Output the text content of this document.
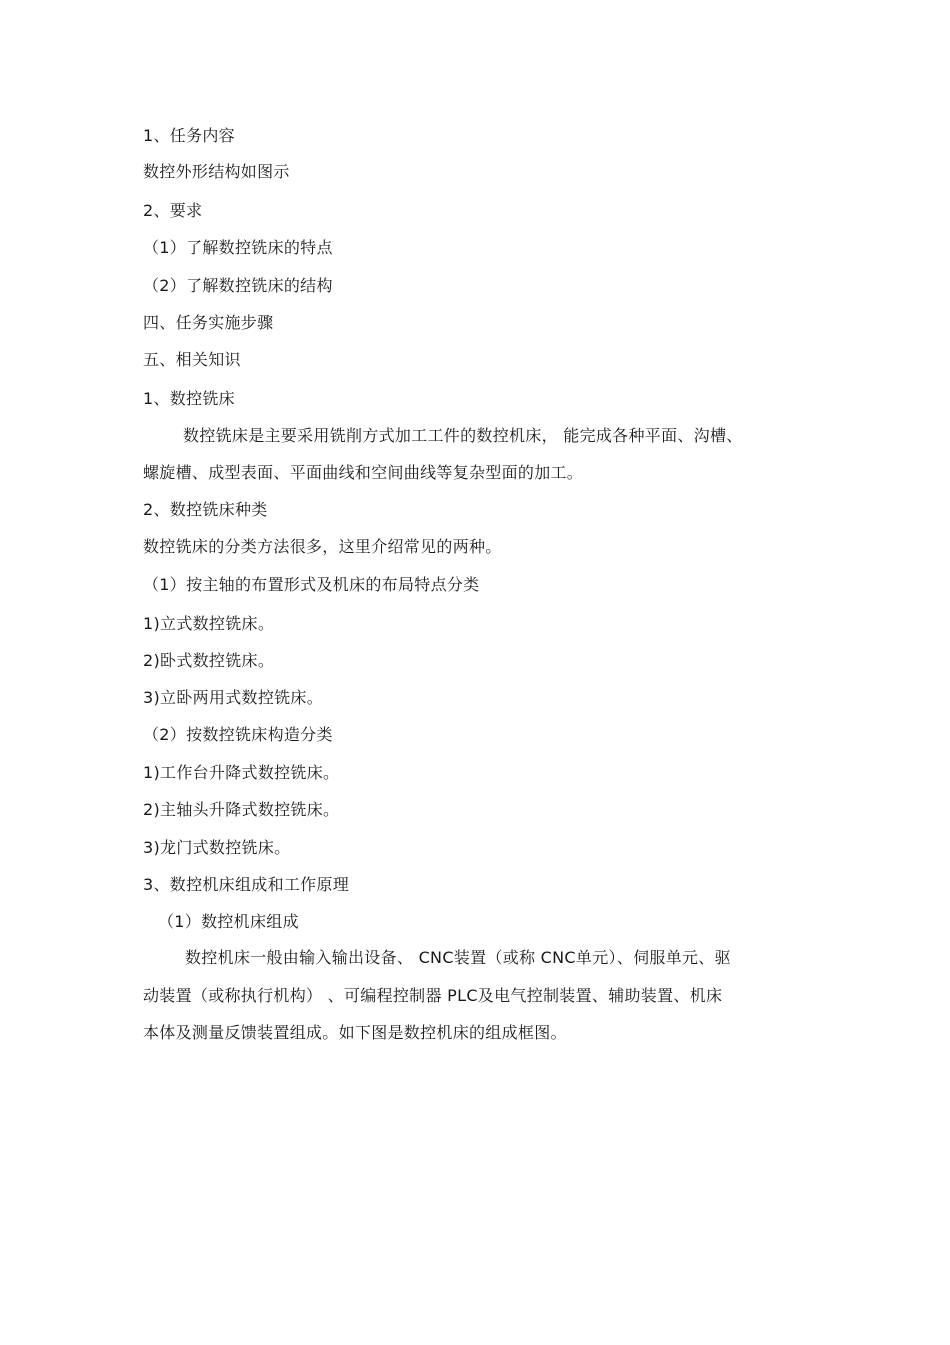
1、任务内容
数控外形结构如图示
2、要求
（1）了解数控铣床的特点
（2）了解数控铣床的结构
四、任务实施步骤
五、相关知识
1、数控铣床
数控铣床是主要采用铣削方式加工工件的数控机床， 能完成各种平面、沟槽、
螺旋槽、成型表面、平面曲线和空间曲线等复杂型面的加工。
2、数控铣床种类
数控铣床的分类方法很多，这里介绍常见的两种。
（1）按主轴的布置形式及机床的布局特点分类
1)立式数控铣床。
2)卧式数控铣床。
3)立卧两用式数控铣床。
（2）按数控铣床构造分类
1)工作台升降式数控铣床。
2)主轴头升降式数控铣床。
3)龙门式数控铣床。
3、数控机床组成和工作原理
（1）数控机床组成
数控机床一般由输入输出设备、 CNC装置（或称 CNC单元）、伺服单元、驱
动装置（或称执行机构） 、可编程控制器 PLC及电气控制装置、辅助装置、机床
本体及测量反馈装置组成。如下图是数控机床的组成框图。
